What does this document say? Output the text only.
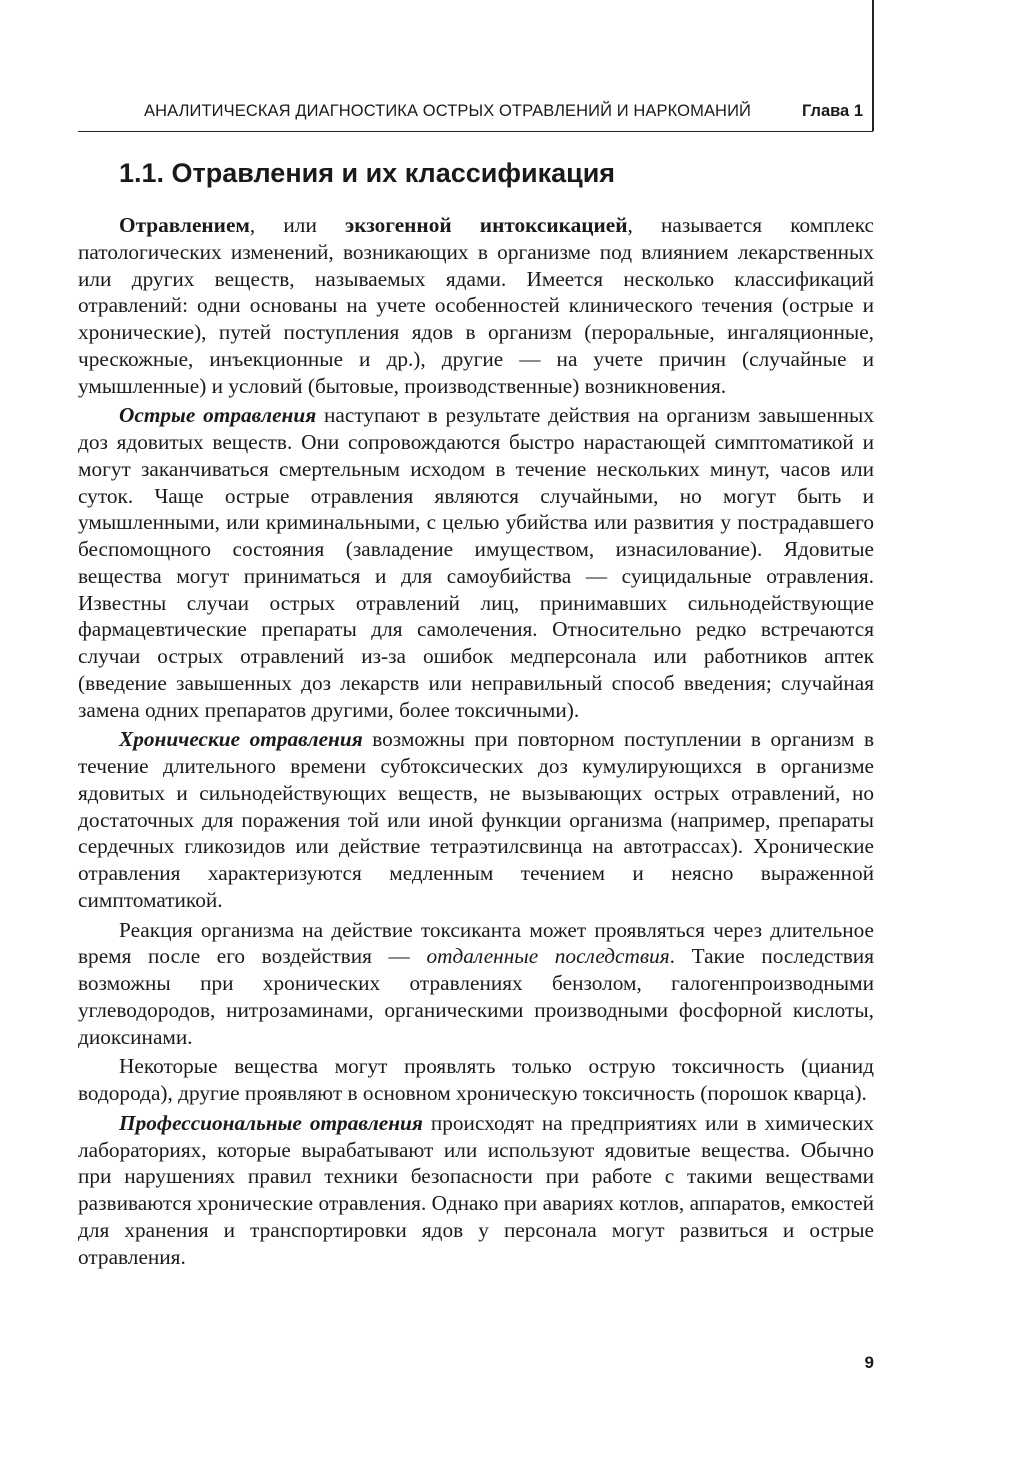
АНАЛИТИЧЕСКАЯ ДИАГНОСТИКА ОСТРЫХ ОТРАВЛЕНИЙ И НАРКОМАНИЙ	Глава 1
1.1. Отравления и их классификация

Отравлением, или экзогенной интоксикацией, называется комплекс патологических изменений, возникающих в организме под влиянием лекарственных или других веществ, называемых ядами. Имеется несколько классификаций отравлений: одни основаны на учете особенностей клинического течения (острые и хронические), путей поступления ядов в организм (пероральные, ингаляционные, чрескожные, инъекционные и др.), другие — на учете причин (случайные и умышленные) и условий (бытовые, производственные) возникновения.

Острые отравления наступают в результате действия на организм завышенных доз ядовитых веществ. Они сопровождаются быстро нарастающей симптоматикой и могут заканчиваться смертельным исходом в течение нескольких минут, часов или суток. Чаще острые отравления являются случайными, но могут быть и умышленными, или криминальными, с целью убийства или развития у пострадавшего беспомощного состояния (завладение имуществом, изнасилование). Ядовитые вещества могут приниматься и для самоубийства — суицидальные отравления. Известны случаи острых отравлений лиц, принимавших сильнодействующие фармацевтические препараты для самолечения. Относительно редко встречаются случаи острых отравлений из-за ошибок медперсонала или работников аптек (введение завышенных доз лекарств или неправильный способ введения; случайная замена одних препаратов другими, более токсичными).

Хронические отравления возможны при повторном поступлении в организм в течение длительного времени субтоксических доз кумулирующихся в организме ядовитых и сильнодействующих веществ, не вызывающих острых отравлений, но достаточных для поражения той или иной функции организма (например, препараты сердечных гликозидов или действие тетраэтилсвинца на автотрассах). Хронические отравления характеризуются медленным течением и неясно выраженной симптоматикой.

Реакция организма на действие токсиканта может проявляться через длительное время после его воздействия — отдаленные последствия. Такие последствия возможны при хронических отравлениях бензолом, галогенпроизводными углеводородов, нитрозаминами, органическими производными фосфорной кислоты, диоксинами.

Некоторые вещества могут проявлять только острую токсичность (цианид водорода), другие проявляют в основном хроническую токсичность (порошок кварца).

Профессиональные отравления происходят на предприятиях или в химических лабораториях, которые вырабатывают или используют ядовитые вещества. Обычно при нарушениях правил техники безопасности при работе с такими веществами развиваются хронические отравления. Однако при авариях котлов, аппаратов, емкостей для хранения и транспортировки ядов у персонала могут развиться и острые отравления.

9
